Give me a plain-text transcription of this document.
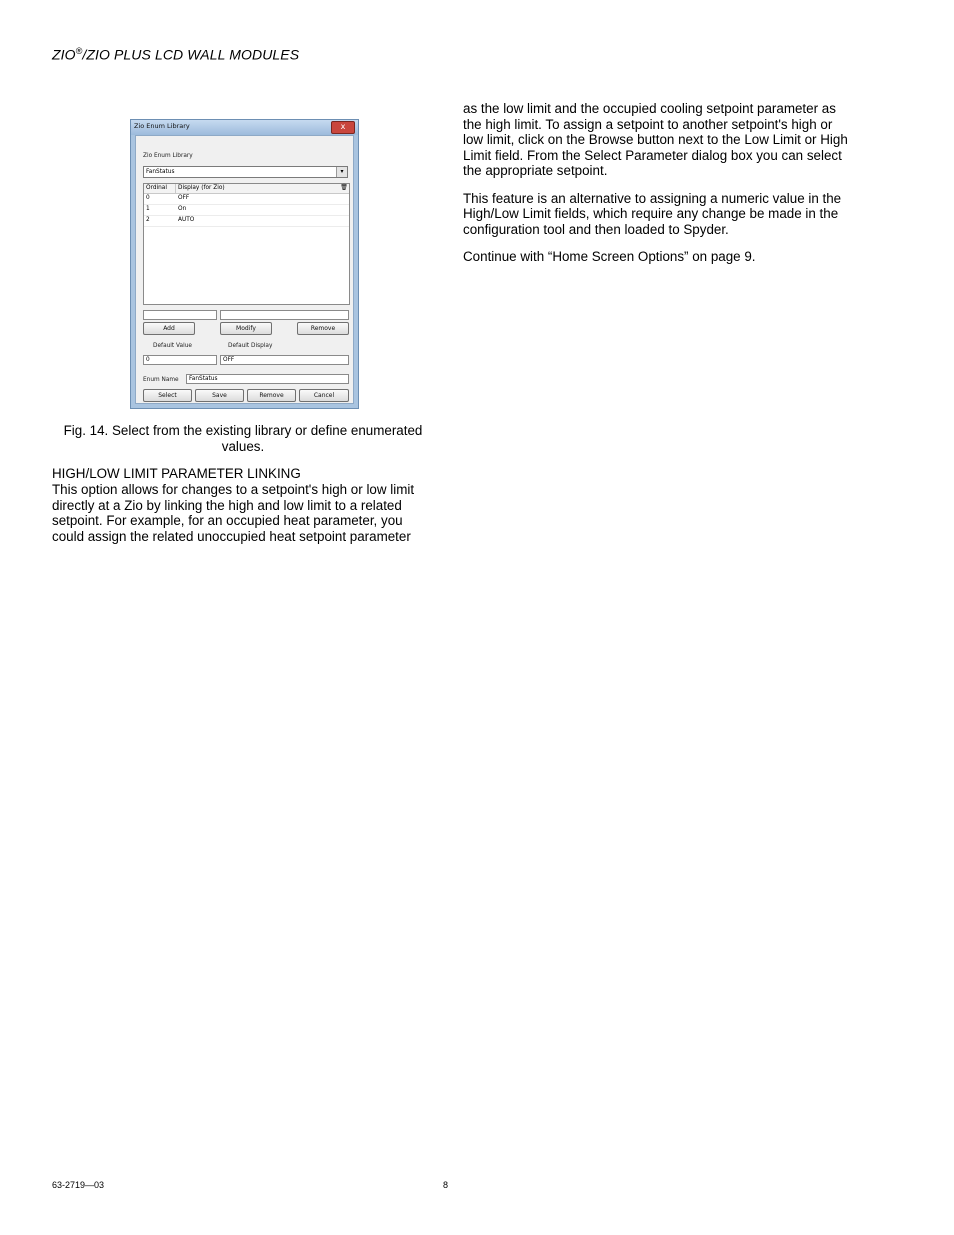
ZIO®/ZIO PLUS LCD WALL MODULES
Zio Enum Library	x
Zio Enum Library
FanStatus	▾
Ordinal Display (for Zio)	🗑
0	OFF
1	On
2	AUTO
Add	Modify	Remove
Default Value	Default Display
0	OFF
Enum Name FanStatus
Select	Save	Remove	Cancel
Fig. 14. Select from the existing library or define enumerated values.
HIGH/LOW LIMIT PARAMETER LINKING

This option allows for changes to a setpoint's high or low limit directly at a Zio by linking the high and low limit to a related setpoint. For example, for an occupied heat parameter, you could assign the related unoccupied heat setpoint parameter

as the low limit and the occupied cooling setpoint parameter as the high limit. To assign a setpoint to another setpoint's high or low limit, click on the Browse button next to the Low Limit or High Limit field. From the Select Parameter dialog box you can select the appropriate setpoint.

This feature is an alternative to assigning a numeric value in the High/Low Limit fields, which require any change be made in the configuration tool and then loaded to Spyder.

Continue with “Home Screen Options” on page 9.

63-2719—03	8
